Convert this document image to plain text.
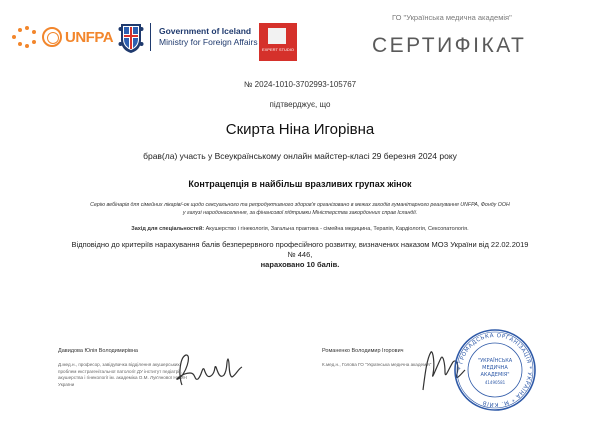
UNFPA	Government of Iceland
Ministry for Foreign Affairs
EXPERT STUDIO
ГО "Українська медична академія"
СЕРТИФІКАТ
№ 2024-1010-3702993-105767
підтверджує, що
Скирта Ніна Игорівна
брав(ла) участь у Всеукраїнському онлайн майстер-класі 29 березня 2024 року
Контрацепція в найбільш вразливих групах жінок
Серію вебінарів для сімейних лікарів/-ок щодо сексуального та репродуктивного здоров'я організовано в межах заходів гуманітарного реагування UNFPA, Фонду ООН у галузі народонаселення, за фінансової підтримки Міністерства закордонних справ Ісландії.
Захід для спеціальностей: Акушерство і гінекологія, Загальна практика - сімейна медицина, Терапія, Кардіологія, Сексопатологія.
Відповідно до критеріїв нарахування балів безперервного професійного розвитку, визначених наказом МОЗ України від 22.02.2019 № 446,
нараховано 10 балів.
Давидова Юлія Володимирівна
Д.мед.н., професор, завідувачка відділення акушерських проблем екстрагенітальної патології ДУ інститут педіатрії, акушерства і гінекології ім. академіка О.М. Лук'янової НАМН України
Романенко Володимир Ігорович
К.мед.н., Голова ГО "Українська медична академія"
* ГРОМАДСЬКА ОРГАНІЗАЦІЯ * УКРАЇНА * М. КИЇВ
"УКРАЇНСЬКА
МЕДИЧНА
АКАДЕМІЯ"
41490581
